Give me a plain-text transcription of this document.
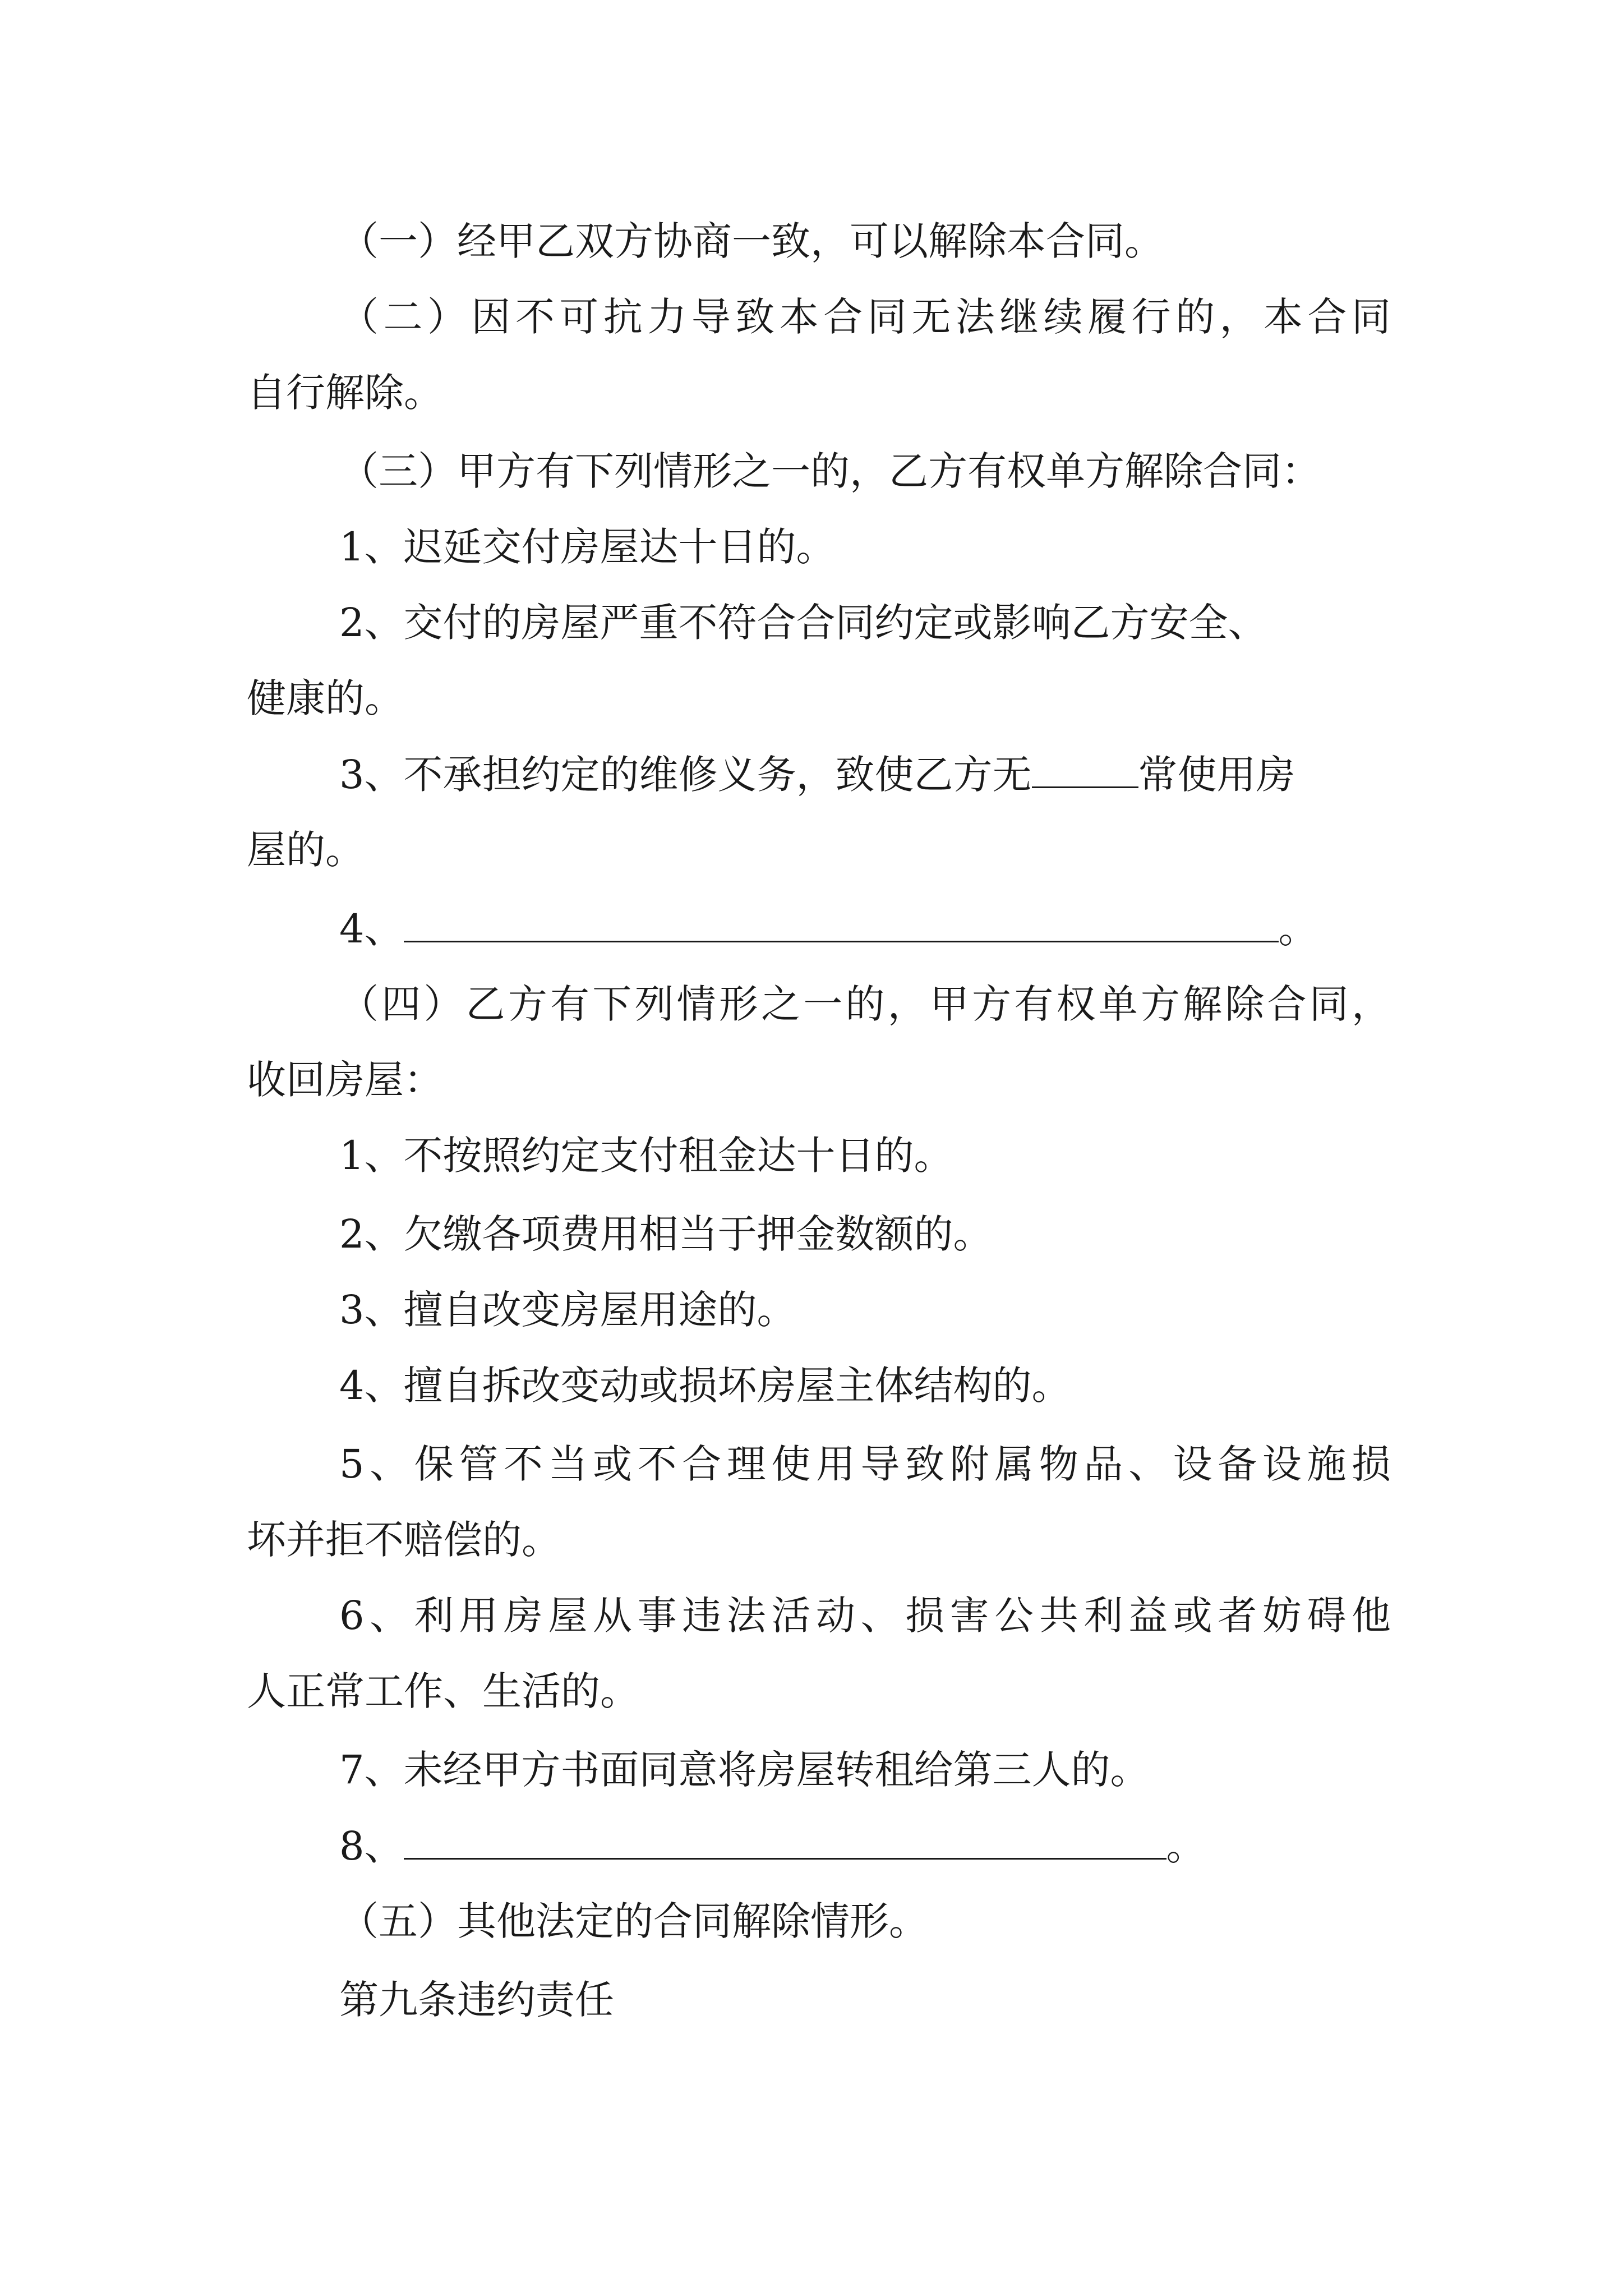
（一）经甲乙双方协商一致，可以解除本合同。
（二）因不可抗力导致本合同无法继续履行的，本合同
自行解除。
（三）甲方有下列情形之一的，乙方有权单方解除合同：
1、迟延交付房屋达十日的。
2、交付的房屋严重不符合合同约定或影响乙方安全、
健康的。
3、不承担约定的维修义务，致使乙方无	常使用房
屋的。
4、	。
（四）乙方有下列情形之一的，甲方有权单方解除合同，
收回房屋：
1、不按照约定支付租金达十日的。
2、欠缴各项费用相当于押金数额的。
3、擅自改变房屋用途的。
4、擅自拆改变动或损坏房屋主体结构的。
5、保管不当或不合理使用导致附属物品、设备设施损
坏并拒不赔偿的。
6、利用房屋从事违法活动、损害公共利益或者妨碍他
人正常工作、生活的。
7、未经甲方书面同意将房屋转租给第三人的。
8、	。
（五）其他法定的合同解除情形。
第九条违约责任
